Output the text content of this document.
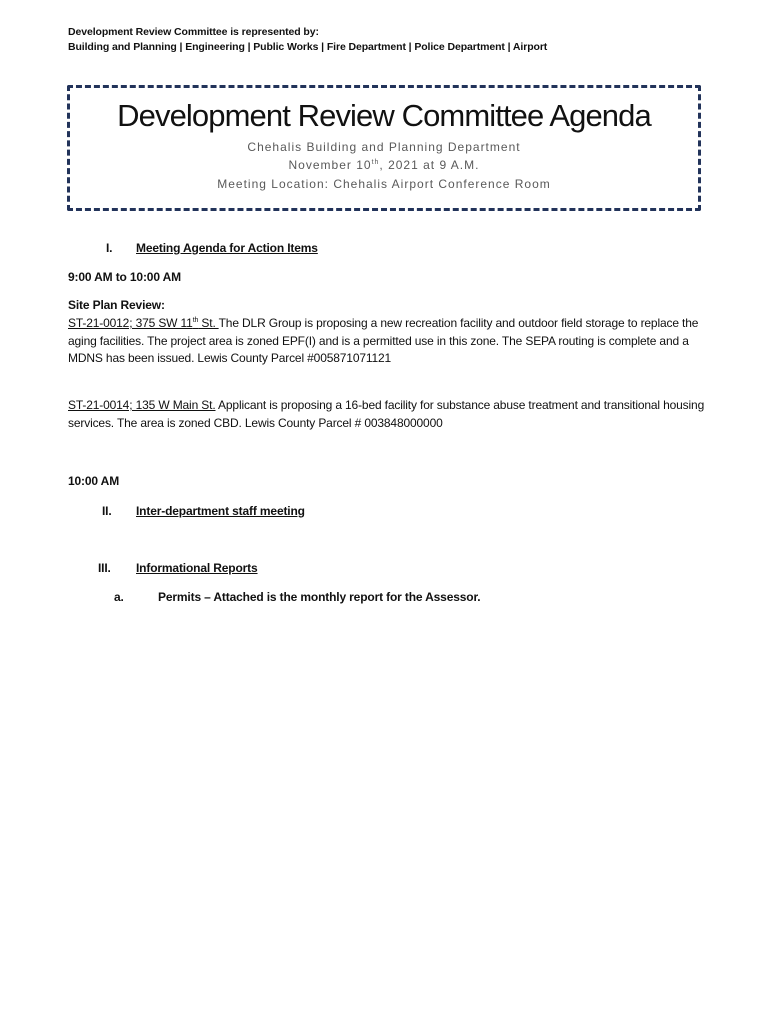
Development Review Committee is represented by:
Building and Planning | Engineering | Public Works | Fire Department | Police Department | Airport
Development Review Committee Agenda
Chehalis Building and Planning Department
November 10th, 2021 at 9 A.M.
Meeting Location: Chehalis Airport Conference Room
I. Meeting Agenda for Action Items
9:00 AM to 10:00 AM
Site Plan Review:
ST-21-0012; 375 SW 11th St. The DLR Group is proposing a new recreation facility and outdoor field storage to replace the aging facilities. The project area is zoned EPF(I) and is a permitted use in this zone. The SEPA routing is complete and a MDNS has been issued. Lewis County Parcel #005871071121
ST-21-0014; 135 W Main St. Applicant is proposing a 16-bed facility for substance abuse treatment and transitional housing services. The area is zoned CBD. Lewis County Parcel # 003848000000
10:00 AM
II. Inter-department staff meeting
III. Informational Reports
a.	Permits – Attached is the monthly report for the Assessor.
